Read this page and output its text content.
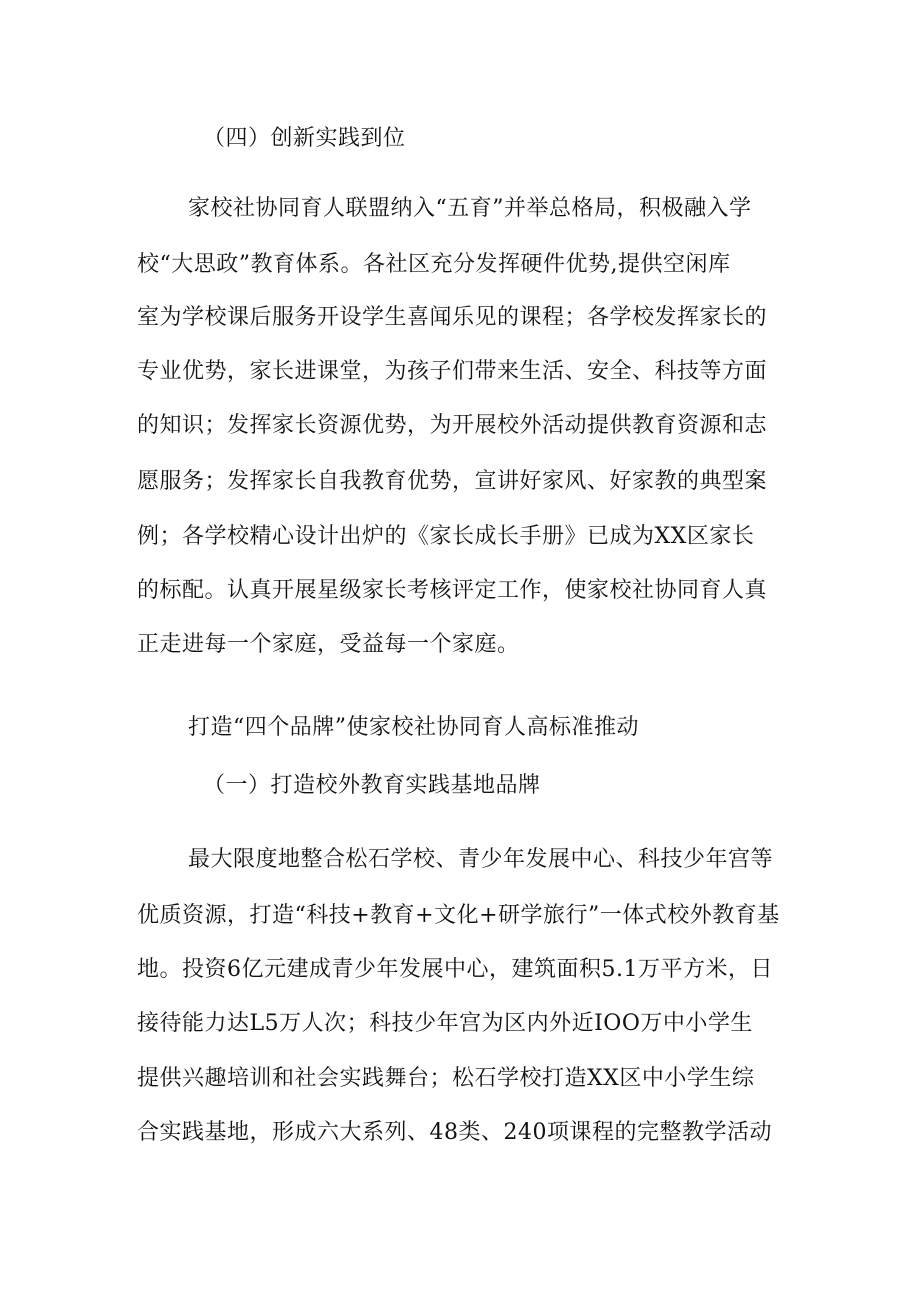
（四）创新实践到位
家校社协同育人联盟纳入“五育”并举总格局，积极融入学
校“大思政”教育体系。各社区充分发挥硬件优势,提供空闲库
室为学校课后服务开设学生喜闻乐见的课程；各学校发挥家长的
专业优势，家长进课堂，为孩子们带来生活、安全、科技等方面
的知识；发挥家长资源优势，为开展校外活动提供教育资源和志
愿服务；发挥家长自我教育优势，宣讲好家风、好家教的典型案
例；各学校精心设计出炉的《家长成长手册》已成为XX区家长
的标配。认真开展星级家长考核评定工作，使家校社协同育人真
正走进每一个家庭，受益每一个家庭。
打造“四个品牌”使家校社协同育人高标准推动
（一）打造校外教育实践基地品牌
最大限度地整合松石学校、青少年发展中心、科技少年宫等
优质资源，打造“科技+教育+文化+研学旅行”一体式校外教育基
地。投资6亿元建成青少年发展中心，建筑面积5.1万平方米，日
接待能力达L5万人次；科技少年宫为区内外近IOO万中小学生
提供兴趣培训和社会实践舞台；松石学校打造XX区中小学生综
合实践基地，形成六大系列、48类、240项课程的完整教学活动
